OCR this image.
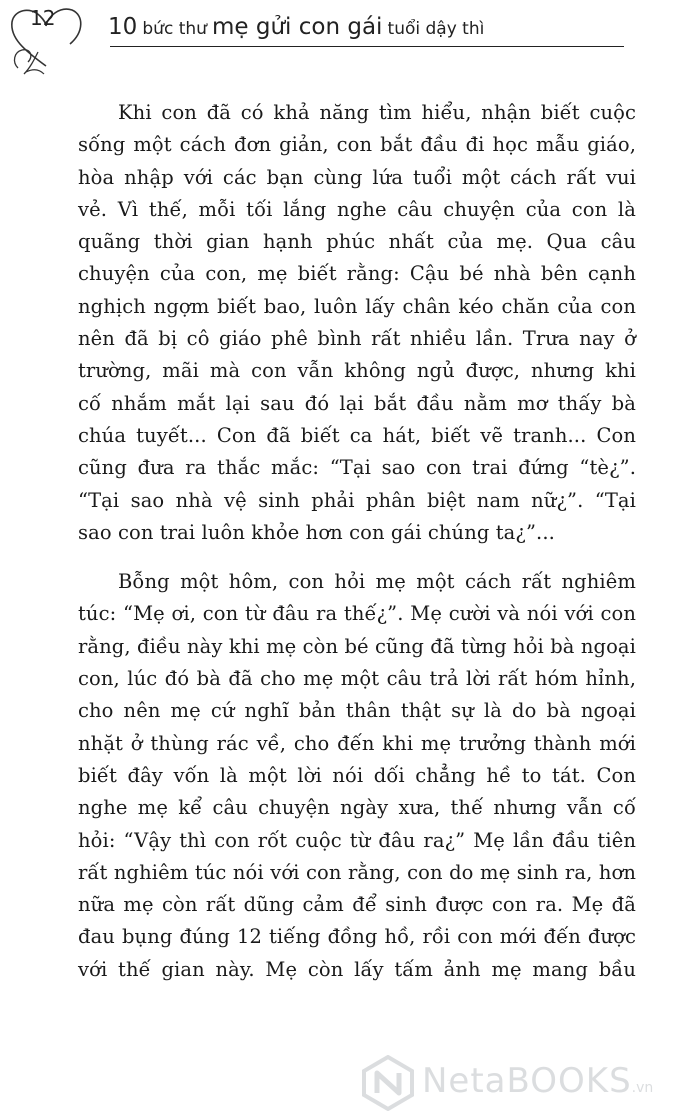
12 10 bức thư mẹ gửi con gái tuổi dậy thì

Khi con đã có khả năng tìm hiểu, nhận biết cuộc
sống một cách đơn giản, con bắt đầu đi học mẫu giáo,
hòa nhập với các bạn cùng lứa tuổi một cách rất vui
vẻ. Vì thế, mỗi tối lắng nghe câu chuyện của con là
quãng thời gian hạnh phúc nhất của mẹ. Qua câu
chuyện của con, mẹ biết rằng: Cậu bé nhà bên cạnh
nghịch ngợm biết bao, luôn lấy chân kéo chăn của con
nên đã bị cô giáo phê bình rất nhiều lần. Trưa nay ở
trường, mãi mà con vẫn không ngủ được, nhưng khi
cố nhắm mắt lại sau đó lại bắt đầu nằm mơ thấy bà
chúa tuyết... Con đã biết ca hát, biết vẽ tranh... Con
cũng đưa ra thắc mắc: “Tại sao con trai đứng “tè¿”.
“Tại sao nhà vệ sinh phải phân biệt nam nữ¿”. “Tại
sao con trai luôn khỏe hơn con gái chúng ta¿”...

Bỗng một hôm, con hỏi mẹ một cách rất nghiêm
túc: “Mẹ ơi, con từ đâu ra thế¿”. Mẹ cười và nói với con
rằng, điều này khi mẹ còn bé cũng đã từng hỏi bà ngoại
con, lúc đó bà đã cho mẹ một câu trả lời rất hóm hỉnh,
cho nên mẹ cứ nghĩ bản thân thật sự là do bà ngoại
nhặt ở thùng rác về, cho đến khi mẹ trưởng thành mới
biết đây vốn là một lời nói dối chẳng hề to tát. Con
nghe mẹ kể câu chuyện ngày xưa, thế nhưng vẫn cố
hỏi: “Vậy thì con rốt cuộc từ đâu ra¿” Mẹ lần đầu tiên
rất nghiêm túc nói với con rằng, con do mẹ sinh ra, hơn
nữa mẹ còn rất dũng cảm để sinh được con ra. Mẹ đã
đau bụng đúng 12 tiếng đồng hồ, rồi con mới đến được
với thế gian này. Mẹ còn lấy tấm ảnh mẹ mang bầu

NetaBOOKS.vn
